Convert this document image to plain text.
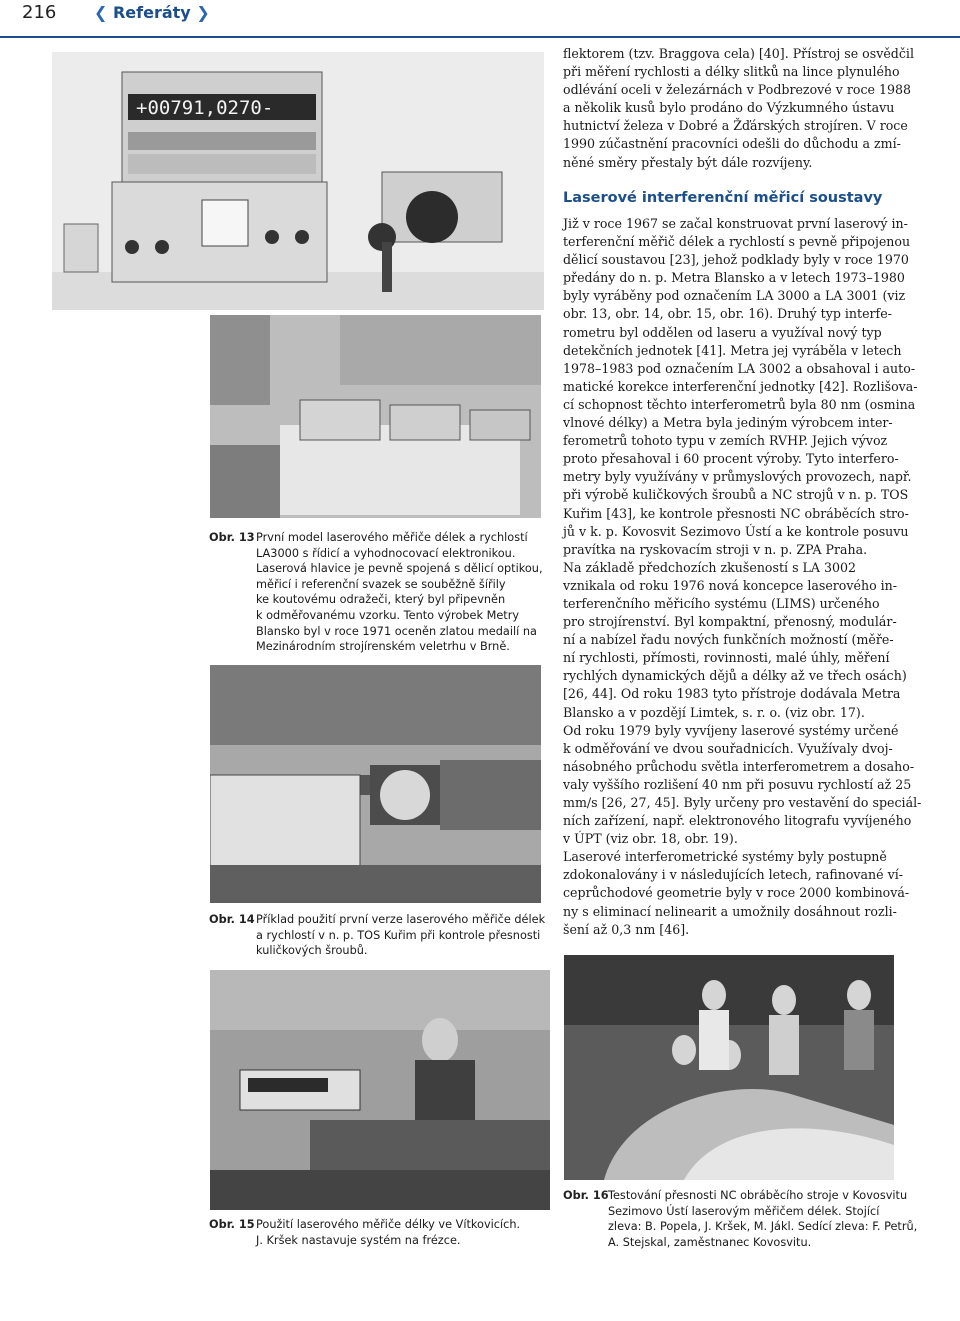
216 ❮ Referáty ❯
+00791,0270-
Obr. 13 První model laserového měřiče délek a rychlostí
LA3000 s řídicí a vyhodnocovací elektronikou.
Laserová hlavice je pevně spojená s dělicí optikou,
měřicí i referenční svazek se souběžně šířily
ke koutovému odražeči, který byl připevněn
k odměřovanému vzorku. Tento výrobek Metry
Blansko byl v roce 1971 oceněn zlatou medailí na
Mezinárodním strojírenském veletrhu v Brně.
Obr. 14 Příklad použití první verze laserového měřiče délek
a rychlostí v n. p. TOS Kuřim při kontrole přesnosti
kuličkových šroubů.
Obr. 15 Použití laserového měřiče délky ve Vítkovicích.
J. Kršek nastavuje systém na frézce.
Obr. 16 Testování přesnosti NC obráběcího stroje v Kovosvitu
Sezimovo Ústí laserovým měřičem délek. Stojící
zleva: B. Popela, J. Kršek, M. Jákl. Sedící zleva: F. Petrů,
A. Stejskal, zaměstnanec Kovosvitu.
flektorem (tzv. Braggova cela) [40]. Přístroj se osvědčil
při měření rychlosti a délky slitků na lince plynulého
odlévání oceli v železárnách v Podbrezové v roce 1988
a několik kusů bylo prodáno do Výzkumného ústavu
hutnictví železa v Dobré a Žďárských strojíren. V roce
1990 zúčastnění pracovníci odešli do důchodu a zmí-
něné směry přestaly být dále rozvíjeny.
Laserové interferenční měřicí soustavy
Již v roce 1967 se začal konstruovat první laserový in-
terferenční měřič délek a rychlostí s pevně připojenou
dělicí soustavou [23], jehož podklady byly v roce 1970
předány do n. p. Metra Blansko a v letech 1973–1980
byly vyráběny pod označením LA 3000 a LA 3001 (viz
obr. 13, obr. 14, obr. 15, obr. 16). Druhý typ interfe-
rometru byl oddělen od laseru a využíval nový typ
detekčních jednotek [41]. Metra jej vyráběla v letech
1978–1983 pod označením LA 3002 a obsahoval i auto-
matické korekce interferenční jednotky [42]. Rozlišova-
cí schopnost těchto interferometrů byla 80 nm (osmina
vlnové délky) a Metra byla jediným výrobcem inter-
ferometrů tohoto typu v zemích RVHP. Jejich vývoz
proto přesahoval i 60 procent výroby. Tyto interfero-
metry byly využívány v průmyslových provozech, např.
při výrobě kuličkových šroubů a NC strojů v n. p. TOS
Kuřim [43], ke kontrole přesnosti NC obráběcích stro-
jů v k. p. Kovosvit Sezimovo Ústí a ke kontrole posuvu
pravítka na ryskovacím stroji v n. p. ZPA Praha.
Na základě předchozích zkušeností s LA 3002
vznikala od roku 1976 nová koncepce laserového in-
terferenčního měřicího systému (LIMS) určeného
pro strojírenství. Byl kompaktní, přenosný, modulár-
ní a nabízel řadu nových funkčních možností (měře-
ní rychlosti, přímosti, rovinnosti, malé úhly, měření
rychlých dynamických dějů a délky až ve třech osách)
[26, 44]. Od roku 1983 tyto přístroje dodávala Metra
Blansko a v pozdějí Limtek, s. r. o. (viz obr. 17).
Od roku 1979 byly vyvíjeny laserové systémy určené
k odměřování ve dvou souřadnicích. Využívaly dvoj-
násobného průchodu světla interferometrem a dosaho-
valy vyššího rozlišení 40 nm při posuvu rychlostí až 25
mm/s [26, 27, 45]. Byly určeny pro vestavění do speciál-
ních zařízení, např. elektronového litografu vyvíjeného
v ÚPT (viz obr. 18, obr. 19).
Laserové interferometrické systémy byly postupně
zdokonalovány i v následujících letech, rafinované ví-
ceprůchodové geometrie byly v roce 2000 kombinová-
ny s eliminací nelinearit a umožnily dosáhnout rozli-
šení až 0,3 nm [46].
